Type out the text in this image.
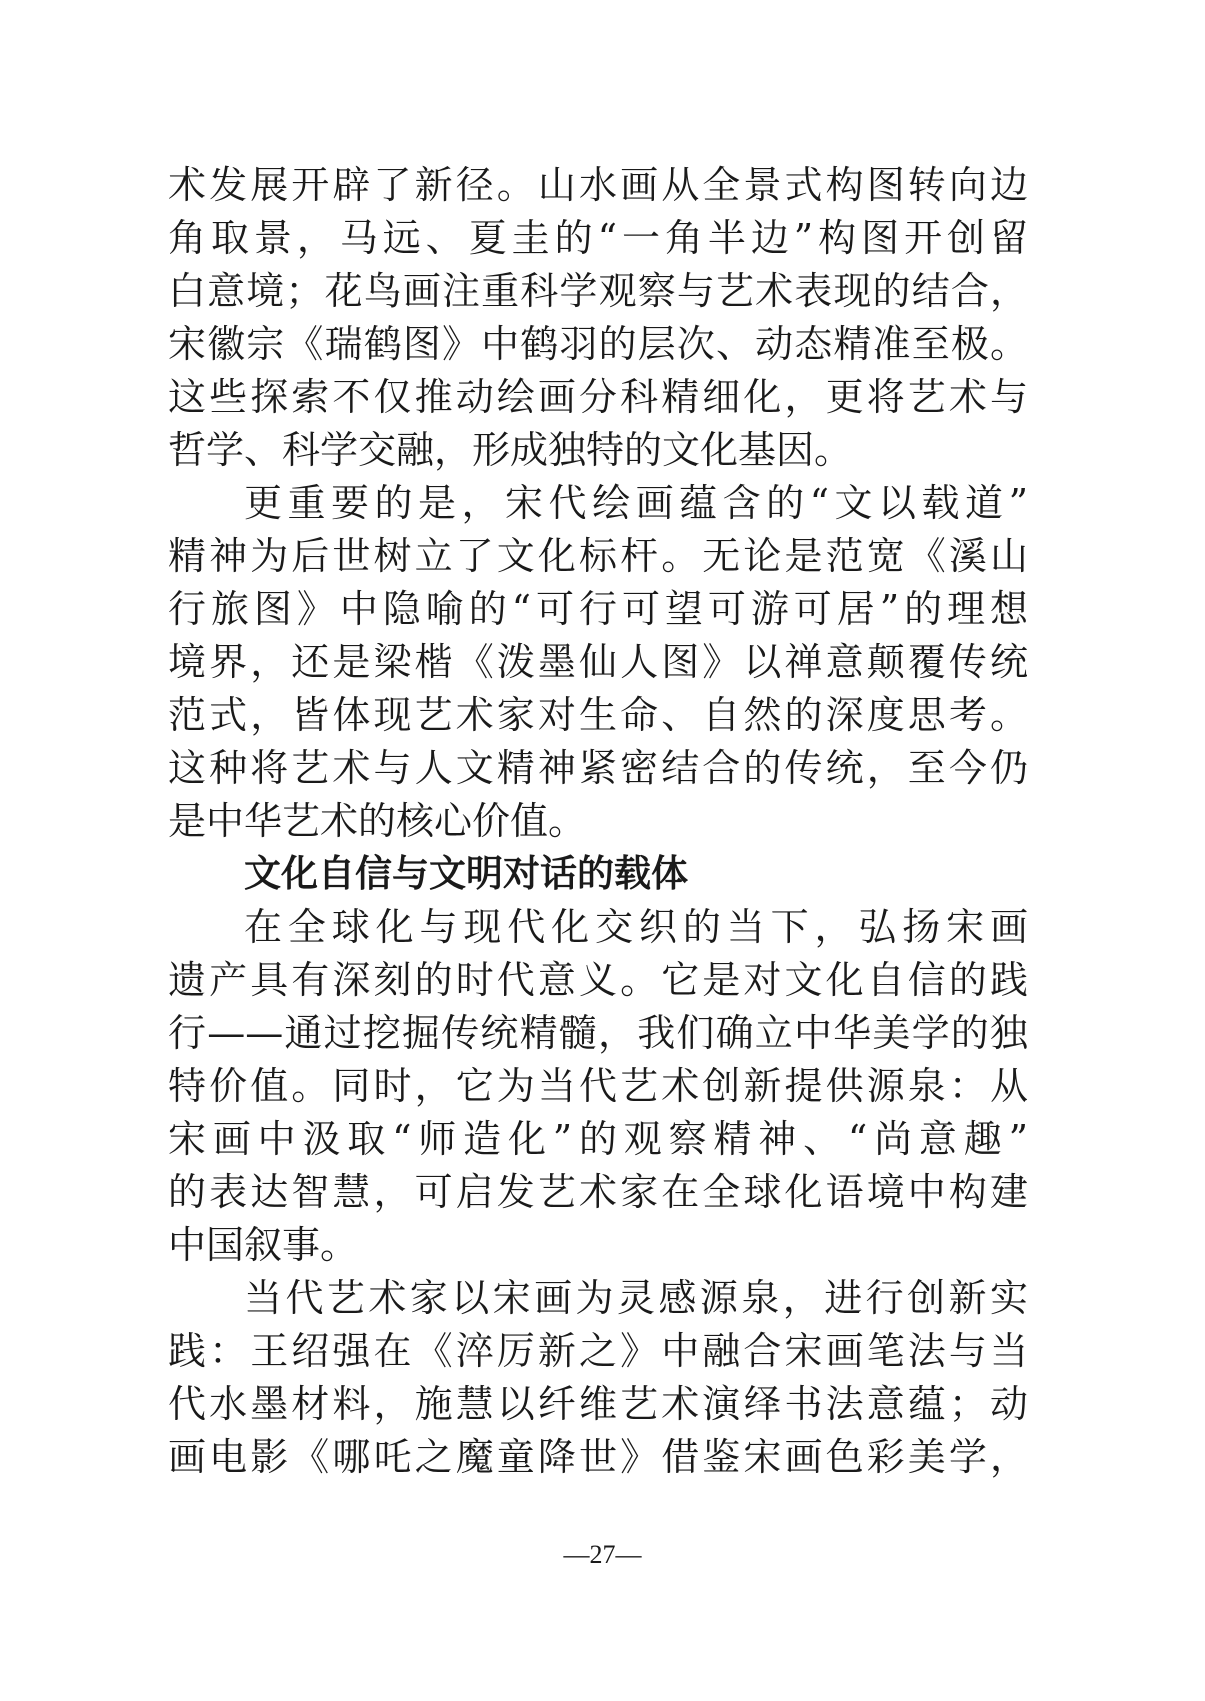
术发展开辟了新径。山水画从全景式构图转向边
角取景，马远、夏圭的“一角半边”构图开创留
白意境；花鸟画注重科学观察与艺术表现的结合，
宋徽宗《瑞鹤图》中鹤羽的层次、动态精准至极。
这些探索不仅推动绘画分科精细化，更将艺术与
哲学、科学交融，形成独特的文化基因。
更重要的是，宋代绘画蕴含的“文以载道”
精神为后世树立了文化标杆。无论是范宽《溪山
行旅图》中隐喻的“可行可望可游可居”的理想
境界，还是梁楷《泼墨仙人图》以禅意颠覆传统
范式，皆体现艺术家对生命、自然的深度思考。
这种将艺术与人文精神紧密结合的传统，至今仍
是中华艺术的核心价值。
文化自信与文明对话的载体
在全球化与现代化交织的当下，弘扬宋画
遗产具有深刻的时代意义。它是对文化自信的践
行——通过挖掘传统精髓，我们确立中华美学的独
特价值。同时，它为当代艺术创新提供源泉：从
宋画中汲取“师造化”的观察精神、“尚意趣”
的表达智慧，可启发艺术家在全球化语境中构建
中国叙事。
当代艺术家以宋画为灵感源泉，进行创新实
践：王绍强在《淬厉新之》中融合宋画笔法与当
代水墨材料，施慧以纤维艺术演绎书法意蕴；动
画电影《哪吒之魔童降世》借鉴宋画色彩美学，
—27—
